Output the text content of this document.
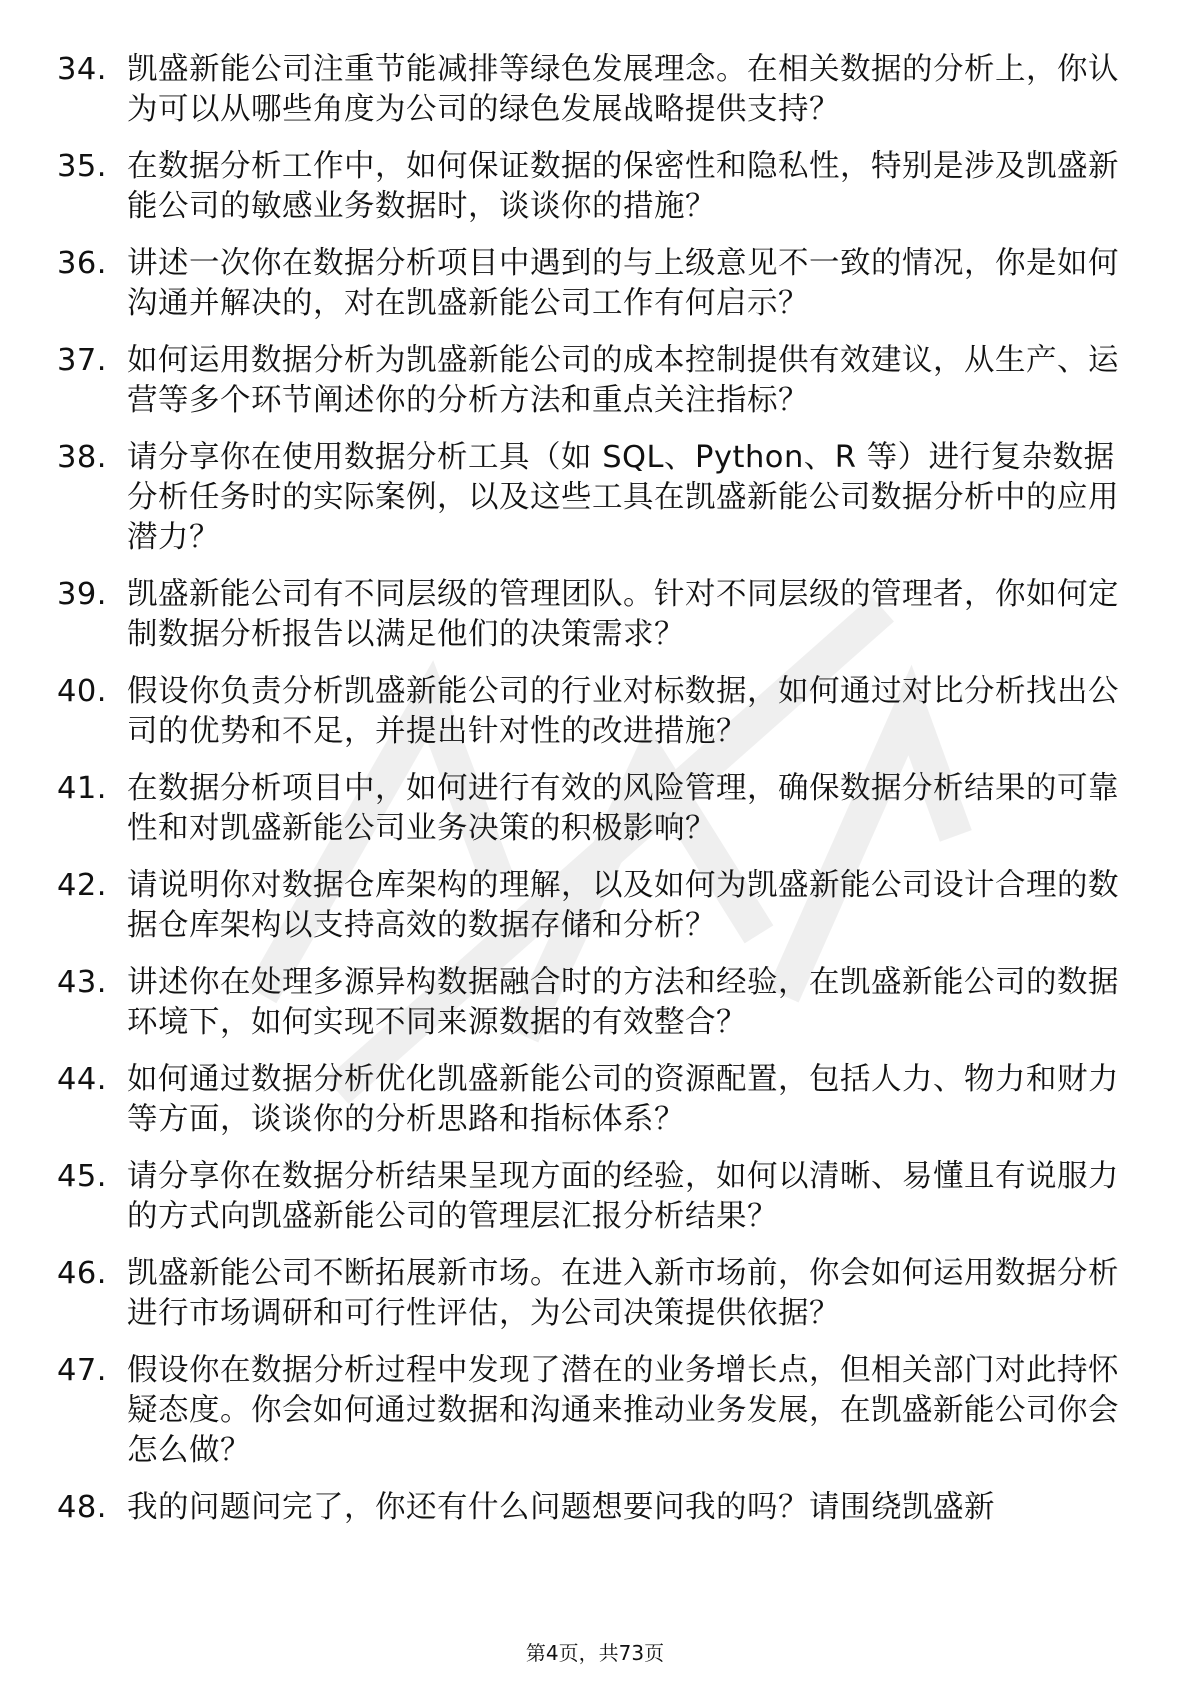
34. 凯盛新能公司注重节能减排等绿色发展理念。在相关数据的分析上，你认为可以从哪些角度为公司的绿色发展战略提供支持？
35. 在数据分析工作中，如何保证数据的保密性和隐私性，特别是涉及凯盛新能公司的敏感业务数据时，谈谈你的措施？
36. 讲述一次你在数据分析项目中遇到的与上级意见不一致的情况，你是如何沟通并解决的，对在凯盛新能公司工作有何启示？
37. 如何运用数据分析为凯盛新能公司的成本控制提供有效建议，从生产、运营等多个环节阐述你的分析方法和重点关注指标？
38. 请分享你在使用数据分析工具（如 SQL、Python、R 等）进行复杂数据分析任务时的实际案例，以及这些工具在凯盛新能公司数据分析中的应用潜力？
39. 凯盛新能公司有不同层级的管理团队。针对不同层级的管理者，你如何定制数据分析报告以满足他们的决策需求？
40. 假设你负责分析凯盛新能公司的行业对标数据，如何通过对比分析找出公司的优势和不足，并提出针对性的改进措施？
41. 在数据分析项目中，如何进行有效的风险管理，确保数据分析结果的可靠性和对凯盛新能公司业务决策的积极影响？
42. 请说明你对数据仓库架构的理解，以及如何为凯盛新能公司设计合理的数据仓库架构以支持高效的数据存储和分析？
43. 讲述你在处理多源异构数据融合时的方法和经验，在凯盛新能公司的数据环境下，如何实现不同来源数据的有效整合？
44. 如何通过数据分析优化凯盛新能公司的资源配置，包括人力、物力和财力等方面，谈谈你的分析思路和指标体系？
45. 请分享你在数据分析结果呈现方面的经验，如何以清晰、易懂且有说服力的方式向凯盛新能公司的管理层汇报分析结果？
46. 凯盛新能公司不断拓展新市场。在进入新市场前，你会如何运用数据分析进行市场调研和可行性评估，为公司决策提供依据？
47. 假设你在数据分析过程中发现了潜在的业务增长点，但相关部门对此持怀疑态度。你会如何通过数据和沟通来推动业务发展，在凯盛新能公司你会怎么做？
48. 我的问题问完了，你还有什么问题想要问我的吗？请围绕凯盛新
第4页，共73页
